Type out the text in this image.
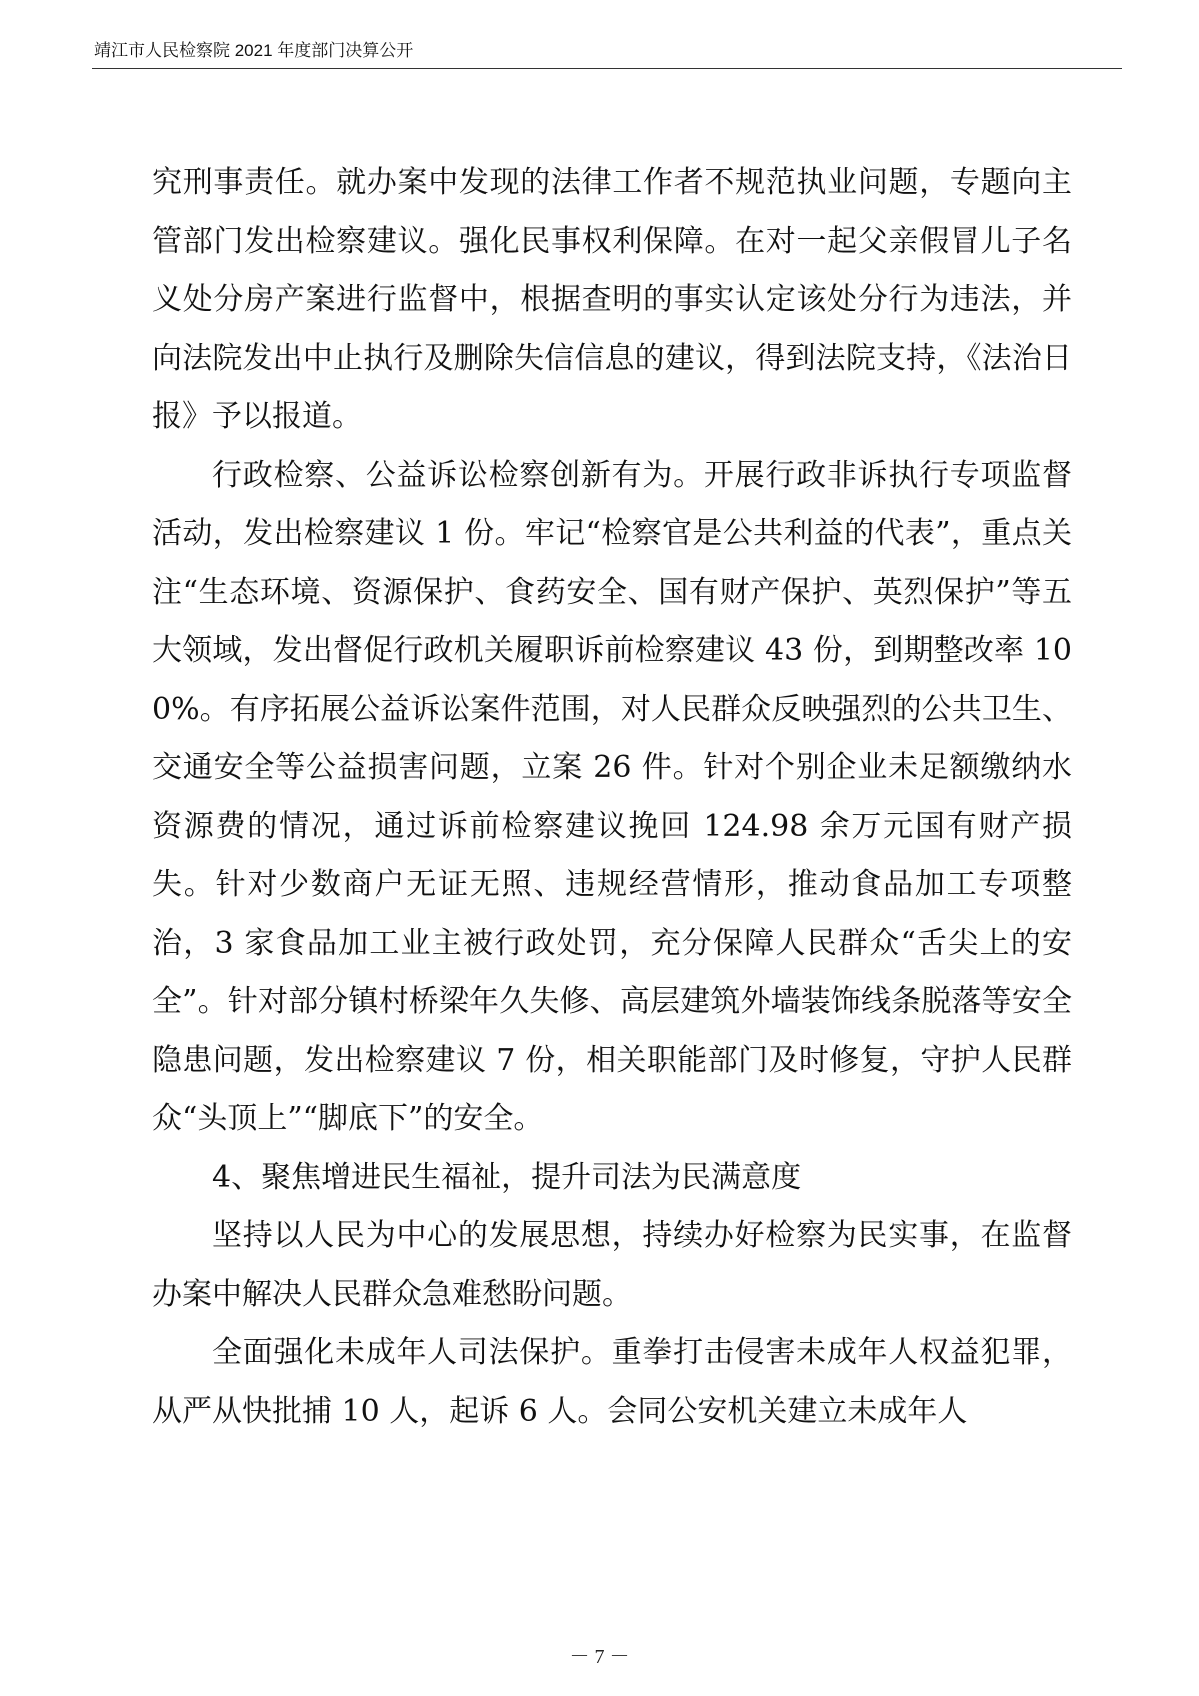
靖江市人民检察院 2021 年度部门决算公开

究刑事责任。就办案中发现的法律工作者不规范执业问题，专题向主管部门发出检察建议。强化民事权利保障。在对一起父亲假冒儿子名义处分房产案进行监督中，根据查明的事实认定该处分行为违法，并向法院发出中止执行及删除失信信息的建议，得到法院支持，《法治日报》予以报道。

行政检察、公益诉讼检察创新有为。开展行政非诉执行专项监督活动，发出检察建议 1 份。牢记“检察官是公共利益的代表”，重点关注“生态环境、资源保护、食药安全、国有财产保护、英烈保护”等五大领域，发出督促行政机关履职诉前检察建议 43 份，到期整改率 100%。有序拓展公益诉讼案件范围，对人民群众反映强烈的公共卫生、交通安全等公益损害问题，立案 26 件。针对个别企业未足额缴纳水资源费的情况，通过诉前检察建议挽回 124.98 余万元国有财产损失。针对少数商户无证无照、违规经营情形，推动食品加工专项整治，3 家食品加工业主被行政处罚，充分保障人民群众“舌尖上的安全”。针对部分镇村桥梁年久失修、高层建筑外墙装饰线条脱落等安全隐患问题，发出检察建议 7 份，相关职能部门及时修复，守护人民群众“头顶上”“脚底下”的安全。

4、聚焦增进民生福祉，提升司法为民满意度

坚持以人民为中心的发展思想，持续办好检察为民实事，在监督办案中解决人民群众急难愁盼问题。

全面强化未成年人司法保护。重拳打击侵害未成年人权益犯罪，从严从快批捕 10 人，起诉 6 人。会同公安机关建立未成年人

－ 7 －
